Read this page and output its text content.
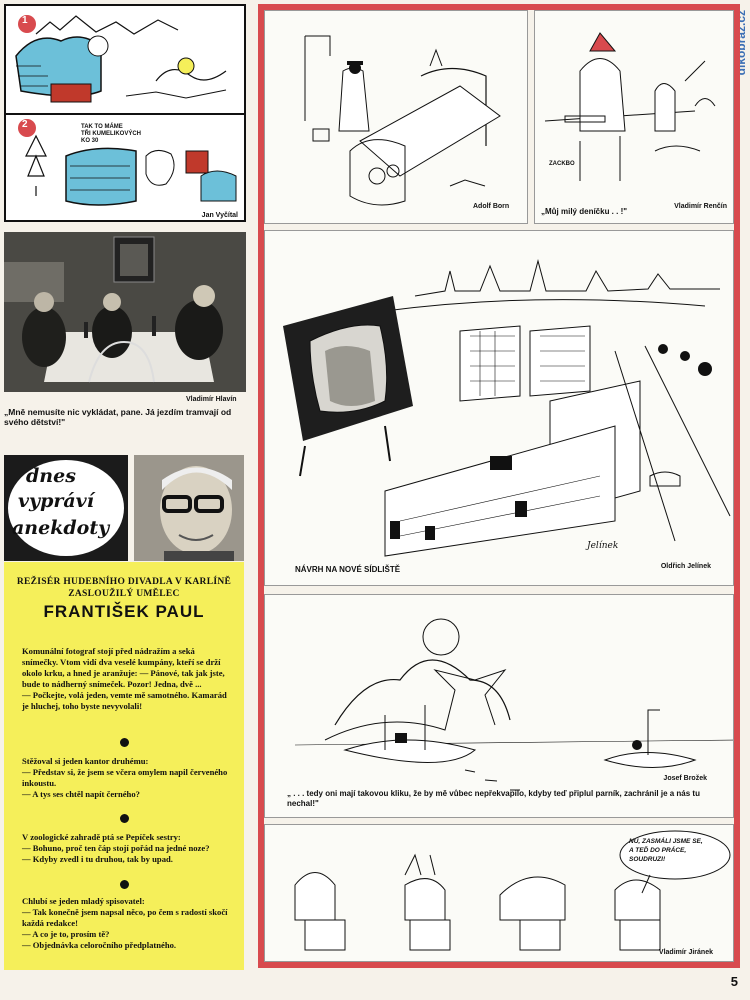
dikobraz.cz
5
1
2	TAK TO MÁME
TŘI KUMELIKOVÝCH
KO 30
Jan Vyčítal
Vladimír Hlavín
„Mně nemusíte nic vykládat, pane. Já jezdím tramvají od svého dětství!"
dnes
vypráví
anekdoty
REŽISÉR HUDEBNÍHO DIVADLA V KARLÍNĚ
ZASLOUŽILÝ UMĚLEC
FRANTIŠEK PAUL

Komunální fotograf stojí před nádražím a seká snímečky. Vtom vidí dva veselé kumpány, kteří se drží okolo krku, a hned je aranžuje: — Pánové, tak jak jste, bude to nádherný snímeček. Pozor! Jedna, dvě ...

— Počkejte, volá jeden, vemte mě samotného. Kamarád je hluchej, toho byste nevyvolali!

Stěžoval si jeden kantor druhému:

— Představ si, že jsem se včera omylem napil červeného inkoustu.

— A tys ses chtěl napít černého?

V zoologické zahradě ptá se Pepíček sestry:

— Bohuno, proč ten čáp stojí pořád na jedné noze?

— Kdyby zvedl i tu druhou, tak by upad.

Chlubí se jeden mladý spisovatel:

— Tak konečně jsem napsal něco, po čem s radostí skočí každá redakce!

— A co je to, prosím tě?

— Objednávka celoročního předplatného.

Adolf Born
ZACKBO
„Můj milý deníčku . . !"
Vladimír Renčín
Jelínek
NÁVRH NA NOVÉ SÍDLIŠTĚ	Oldřich Jelínek
Josef Brožek
„ . . . tedy oni mají takovou kliku, že by mě vůbec nepřekvapilo, kdyby teď připlul parník, zachránil je a nás tu nechal!"
NU, ZASMÁLI JSME SE,
A TEĎ DO PRÁCE,
SOUDRUZI!
Vladimír Jiránek
